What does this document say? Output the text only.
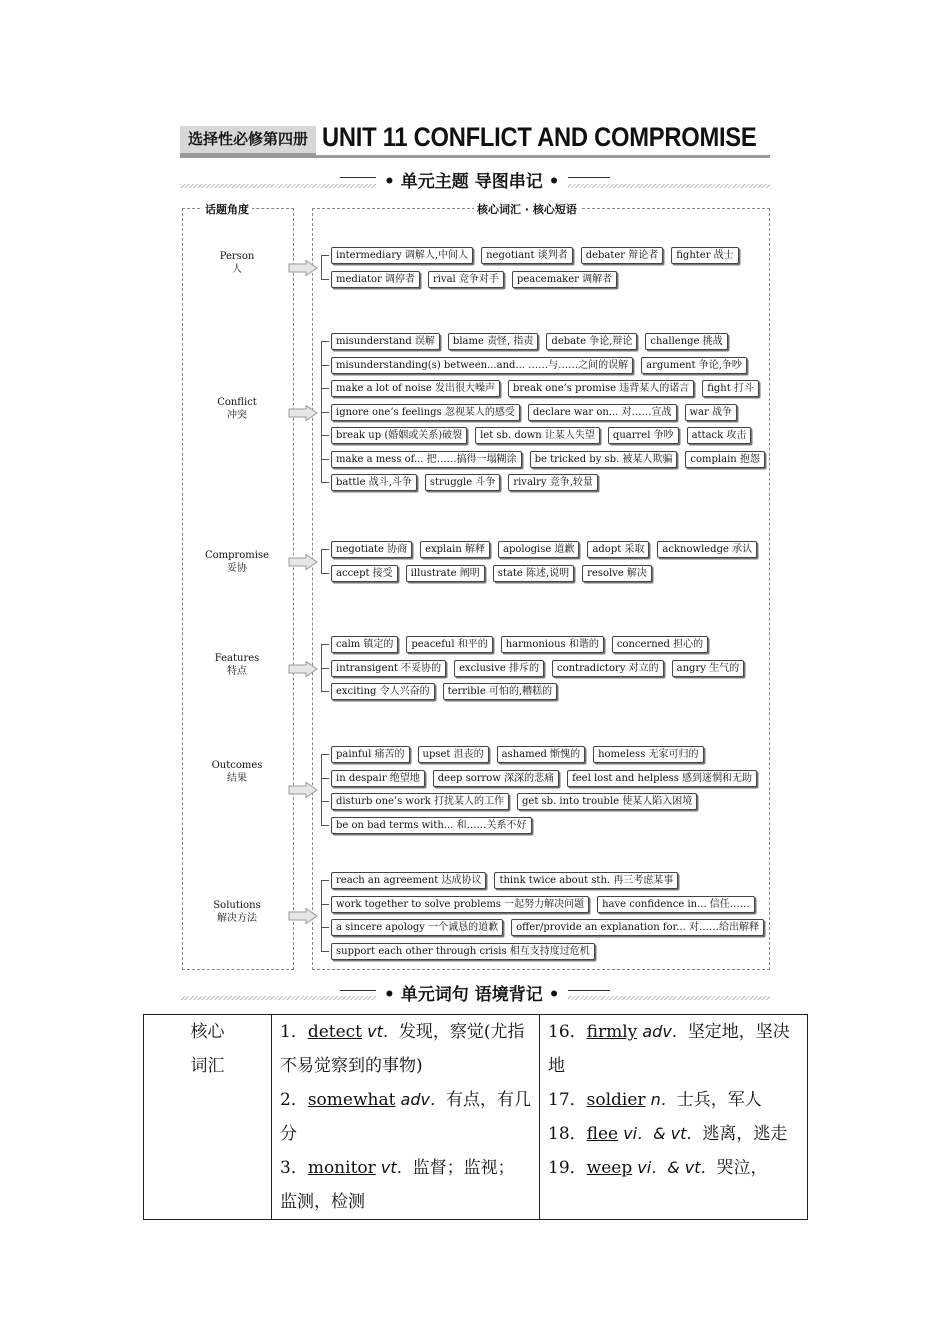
选择性必修第四册 UNIT 11 CONFLICT AND COMPROMISE
• 单元主题 导图串记 •
话题角度	核心词汇 · 核心短语
Person
人
intermediary 调解人,中间人	negotiant 谈判者	debater 辩论者	fighter 战士
mediator 调停者	rival 竞争对手	peacemaker 调解者
Conflict
冲突
misunderstand 误解	blame 责怪, 指责	debate 争论,辩论	challenge 挑战
misunderstanding(s) between...and... ……与……之间的误解	argument 争论,争吵
make a lot of noise 发出很大噪声	break one’s promise 违背某人的诺言	fight 打斗
ignore one’s feelings 忽视某人的感受	declare war on... 对……宣战	war 战争
break up (婚姻或关系)破裂	let sb. down 让某人失望	quarrel 争吵	attack 攻击
make a mess of... 把……搞得一塌糊涂	be tricked by sb. 被某人欺骗	complain 抱怨
battle 战斗,斗争	struggle 斗争	rivalry 竞争,较量
Compromise
妥协
negotiate 协商	explain 解释	apologise 道歉	adopt 采取	acknowledge 承认
accept 接受	illustrate 阐明	state 陈述,说明	resolve 解决
Features
特点
calm 镇定的	peaceful 和平的	harmonious 和谐的	concerned 担心的
intransigent 不妥协的	exclusive 排斥的	contradictory 对立的	angry 生气的
exciting 令人兴奋的	terrible 可怕的,糟糕的
Outcomes
结果
painful 痛苦的	upset 沮丧的	ashamed 惭愧的	homeless 无家可归的
in despair 绝望地	deep sorrow 深深的悲痛	feel lost and helpless 感到迷惘和无助
disturb one’s work 打扰某人的工作	get sb. into trouble 使某人陷入困境
be on bad terms with... 和……关系不好
Solutions
解决方法
reach an agreement 达成协议	think twice about sth. 再三考虑某事
work together to solve problems 一起努力解决问题	have confidence in... 信任……
a sincere apology 一个诚恳的道歉	offer/provide an explanation for... 对……给出解释
support each other through crisis 相互支持度过危机
核心
词汇

1．detect vt．发现，察觉(尤指不易觉察到的事物)
2．somewhat adv．有点，有几分
3．monitor vt．监督；监视；监测，检测

16．firmly adv．坚定地，坚决地
17．soldier n．士兵，军人
18．flee vi．& vt．逃离，逃走
19．weep vi．& vt．哭泣，
• 单元词句 语境背记 •
